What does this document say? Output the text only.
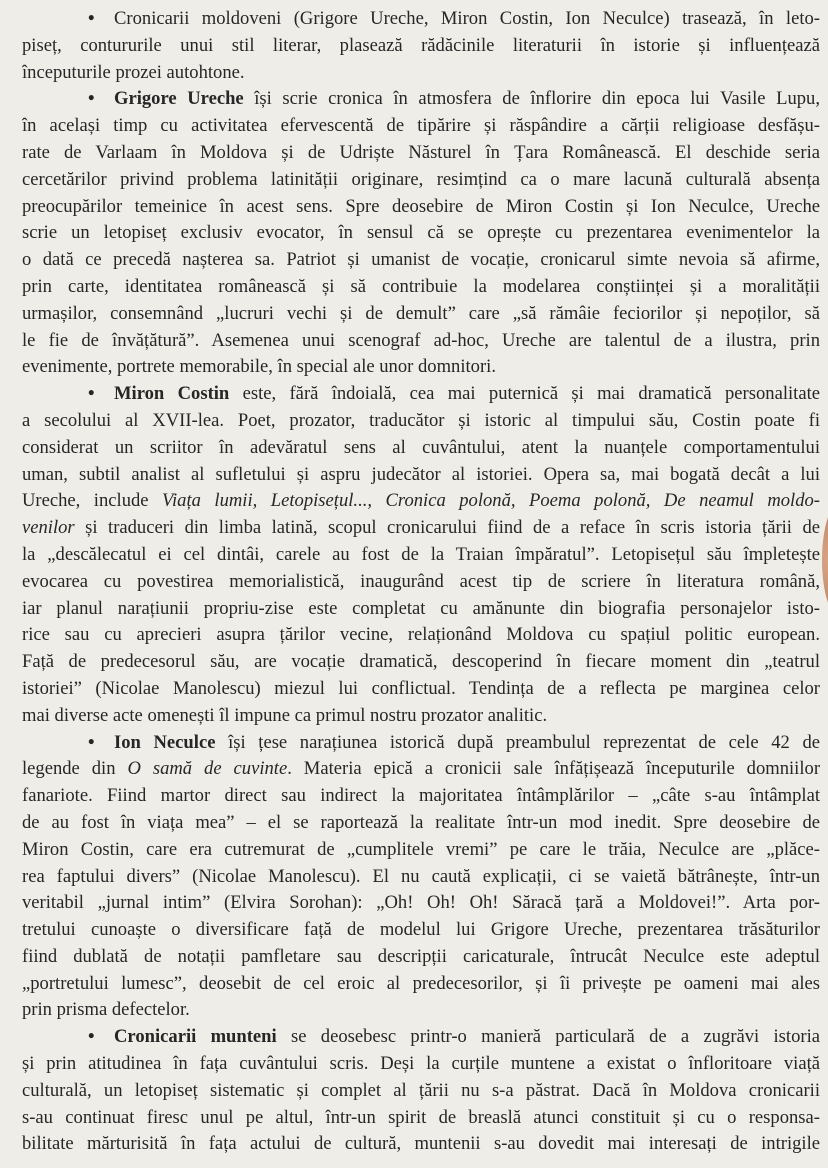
• Cronicarii moldoveni (Grigore Ureche, Miron Costin, Ion Neculce) trasează, în leto-
piseț, contururile unui stil literar, plasează rădăcinile literaturii în istorie și influențează
începuturile prozei autohtone.
• Grigore Ureche își scrie cronica în atmosfera de înflorire din epoca lui Vasile Lupu,
în același timp cu activitatea efervescentă de tipărire și răspândire a cărții religioase desfășu-
rate de Varlaam în Moldova și de Udriște Năsturel în Țara Românească. El deschide seria
cercetărilor privind problema latinității originare, resimțind ca o mare lacună culturală absența
preocupărilor temeinice în acest sens. Spre deosebire de Miron Costin și Ion Neculce, Ureche
scrie un letopiseț exclusiv evocator, în sensul că se oprește cu prezentarea evenimentelor la
o dată ce precedă nașterea sa. Patriot și umanist de vocație, cronicarul simte nevoia să afirme,
prin carte, identitatea românească și să contribuie la modelarea conștiinței și a moralității
urmașilor, consemnând „lucruri vechi și de demult” care „să rămâie feciorilor și nepoților, să
le fie de învățătură”. Asemenea unui scenograf ad-hoc, Ureche are talentul de a ilustra, prin
evenimente, portrete memorabile, în special ale unor domnitori.
• Miron Costin este, fără îndoială, cea mai puternică și mai dramatică personalitate
a secolului al XVII-lea. Poet, prozator, traducător și istoric al timpului său, Costin poate fi
considerat un scriitor în adevăratul sens al cuvântului, atent la nuanțele comportamentului
uman, subtil analist al sufletului și aspru judecător al istoriei. Opera sa, mai bogată decât a lui
Ureche, include Viața lumii, Letopisețul..., Cronica polonă, Poema polonă, De neamul moldo-
venilor și traduceri din limba latină, scopul cronicarului fiind de a reface în scris istoria țării de
la „descălecatul ei cel dintâi, carele au fost de la Traian împăratul”. Letopisețul său împletește
evocarea cu povestirea memorialistică, inaugurând acest tip de scriere în literatura română,
iar planul narațiunii propriu-zise este completat cu amănunte din biografia personajelor isto-
rice sau cu aprecieri asupra țărilor vecine, relaționând Moldova cu spațiul politic european.
Față de predecesorul său, are vocație dramatică, descoperind în fiecare moment din „teatrul
istoriei” (Nicolae Manolescu) miezul lui conflictual. Tendința de a reflecta pe marginea celor
mai diverse acte omenești îl impune ca primul nostru prozator analitic.
• Ion Neculce își țese narațiunea istorică după preambulul reprezentat de cele 42 de
legende din O samă de cuvinte. Materia epică a cronicii sale înfățișează începuturile domniilor
fanariote. Fiind martor direct sau indirect la majoritatea întâmplărilor – „câte s-au întâmplat
de au fost în viața mea” – el se raportează la realitate într-un mod inedit. Spre deosebire de
Miron Costin, care era cutremurat de „cumplitele vremi” pe care le trăia, Neculce are „plăce-
rea faptului divers” (Nicolae Manolescu). El nu caută explicații, ci se vaietă bătrânește, într-un
veritabil „jurnal intim” (Elvira Sorohan): „Oh! Oh! Oh! Săracă țară a Moldovei!”. Arta por-
tretului cunoaște o diversificare față de modelul lui Grigore Ureche, prezentarea trăsăturilor
fiind dublată de notații pamfletare sau descripții caricaturale, întrucât Neculce este adeptul
„portretului lumesc”, deosebit de cel eroic al predecesorilor, și îi privește pe oameni mai ales
prin prisma defectelor.
• Cronicarii munteni se deosebesc printr-o manieră particulară de a zugrăvi istoria
și prin atitudinea în fața cuvântului scris. Deși la curțile muntene a existat o înfloritoare viață
culturală, un letopiseț sistematic și complet al țării nu s-a păstrat. Dacă în Moldova cronicarii
s-au continuat firesc unul pe altul, într-un spirit de breaslă atunci constituit și cu o responsa-
bilitate mărturisită în fața actului de cultură, muntenii s-au dovedit mai interesați de intrigile
